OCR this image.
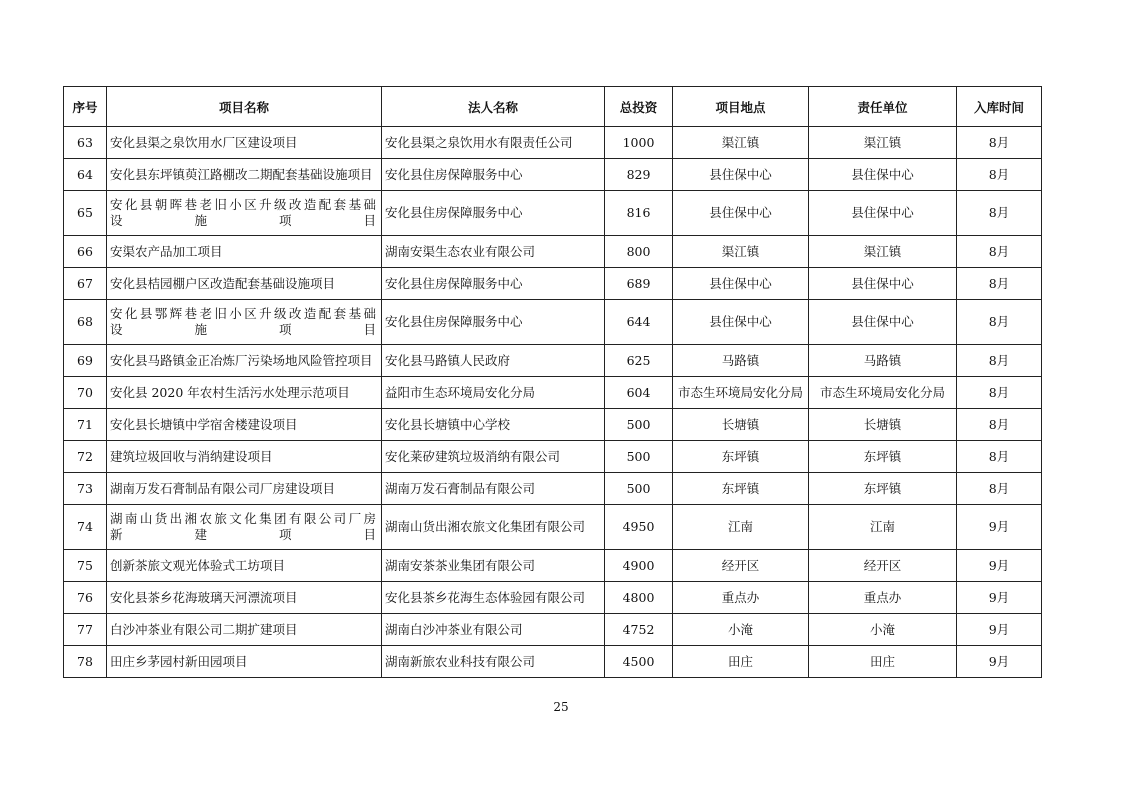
序号	项目名称	法人名称	总投资	项目地点	责任单位	入库时间
63	安化县渠之泉饮用水厂区建设项目	安化县渠之泉饮用水有限责任公司	1000	渠江镇	渠江镇	8月
64	安化县东坪镇萸江路棚改二期配套基础设施项目	安化县住房保障服务中心	829	县住保中心	县住保中心	8月
65	安化县朝晖巷老旧小区升级改造配套基础设施项目	安化县住房保障服务中心	816	县住保中心	县住保中心	8月
66	安渠农产品加工项目	湖南安渠生态农业有限公司	800	渠江镇	渠江镇	8月
67	安化县桔园棚户区改造配套基础设施项目	安化县住房保障服务中心	689	县住保中心	县住保中心	8月
68	安化县鄂辉巷老旧小区升级改造配套基础设施项目	安化县住房保障服务中心	644	县住保中心	县住保中心	8月
69	安化县马路镇金正冶炼厂污染场地风险管控项目	安化县马路镇人民政府	625	马路镇	马路镇	8月
70	安化县 2020 年农村生活污水处理示范项目	益阳市生态环境局安化分局	604	市态生环境局安化分局	市态生环境局安化分局	8月
71	安化县长塘镇中学宿舍楼建设项目	安化县长塘镇中心学校	500	长塘镇	长塘镇	8月
72	建筑垃圾回收与消纳建设项目	安化莱矽建筑垃圾消纳有限公司	500	东坪镇	东坪镇	8月
73	湖南万发石膏制品有限公司厂房建设项目	湖南万发石膏制品有限公司	500	东坪镇	东坪镇	8月
74	湖南山货出湘农旅文化集团有限公司厂房新建项目	湖南山货出湘农旅文化集团有限公司	4950	江南	江南	9月
75	创新茶旅文观光体验式工坊项目	湖南安茶茶业集团有限公司	4900	经开区	经开区	9月
76	安化县茶乡花海玻璃天河漂流项目	安化县茶乡花海生态体验园有限公司	4800	重点办	重点办	9月
77	白沙冲茶业有限公司二期扩建项目	湖南白沙冲茶业有限公司	4752	小淹	小淹	9月
78	田庄乡茅园村新田园项目	湖南新旅农业科技有限公司	4500	田庄	田庄	9月
25
